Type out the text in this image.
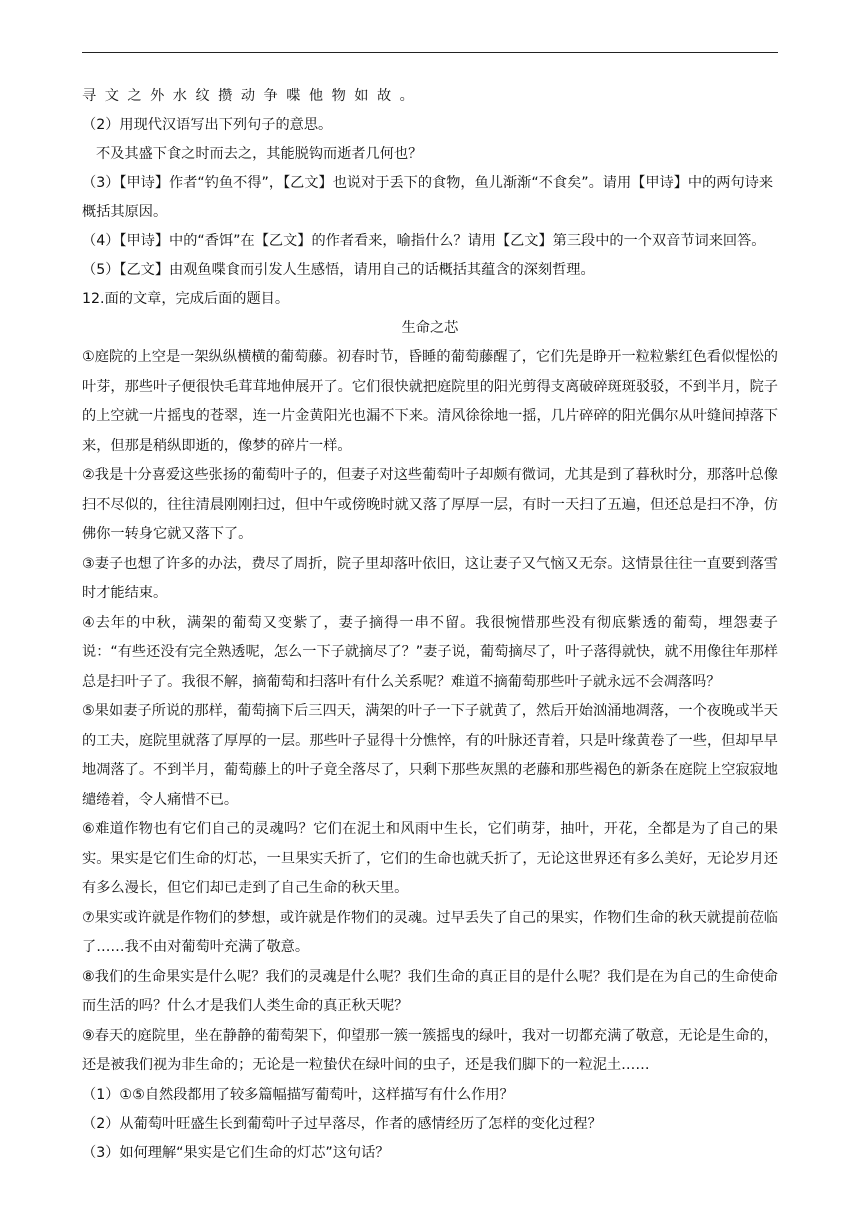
寻文之外水纹攒动争喋他物如故。

（2）用现代汉语写出下列句子的意思。

不及其盛下食之时而去之，其能脱钩而逝者几何也？

（3）【甲诗】作者“钓鱼不得”，【乙文】也说对于丢下的食物，鱼儿渐渐“不食矣”。请用【甲诗】中的两句诗来概括其原因。

（4）【甲诗】中的“香饵”在【乙文】的作者看来，喻指什么？请用【乙文】第三段中的一个双音节词来回答。

（5）【乙文】由观鱼喋食而引发人生感悟，请用自己的话概括其蕴含的深刻哲理。

12.面的文章，完成后面的题目。

生命之芯

①庭院的上空是一架纵纵横横的葡萄藤。初春时节，昏睡的葡萄藤醒了，它们先是睁开一粒粒紫红色看似惺忪的叶芽，那些叶子便很快毛茸茸地伸展开了。它们很快就把庭院里的阳光剪得支离破碎斑斑驳驳，不到半月，院子的上空就一片摇曳的苍翠，连一片金黄阳光也漏不下来。清风徐徐地一摇，几片碎碎的阳光偶尔从叶缝间掉落下来，但那是稍纵即逝的，像梦的碎片一样。

②我是十分喜爱这些张扬的葡萄叶子的，但妻子对这些葡萄叶子却颇有微词，尤其是到了暮秋时分，那落叶总像扫不尽似的，往往清晨刚刚扫过，但中午或傍晚时就又落了厚厚一层，有时一天扫了五遍，但还总是扫不净，仿佛你一转身它就又落下了。

③妻子也想了许多的办法，费尽了周折，院子里却落叶依旧，这让妻子又气恼又无奈。这情景往往一直要到落雪时才能结束。

④去年的中秋，满架的葡萄又变紫了，妻子摘得一串不留。我很惋惜那些没有彻底紫透的葡萄，埋怨妻子说：“有些还没有完全熟透呢，怎么一下子就摘尽了？”妻子说，葡萄摘尽了，叶子落得就快，就不用像往年那样总是扫叶子了。我很不解，摘葡萄和扫落叶有什么关系呢？难道不摘葡萄那些叶子就永远不会凋落吗？

⑤果如妻子所说的那样，葡萄摘下后三四天，满架的叶子一下子就黄了，然后开始汹涌地凋落，一个夜晚或半天的工夫，庭院里就落了厚厚的一层。那些叶子显得十分憔悴，有的叶脉还青着，只是叶缘黄卷了一些，但却早早地凋落了。不到半月，葡萄藤上的叶子竟全落尽了，只剩下那些灰黑的老藤和那些褐色的新条在庭院上空寂寂地缱绻着，令人痛惜不已。

⑥难道作物也有它们自己的灵魂吗？它们在泥土和风雨中生长，它们萌芽，抽叶，开花，全都是为了自己的果实。果实是它们生命的灯芯，一旦果实夭折了，它们的生命也就夭折了，无论这世界还有多么美好，无论岁月还有多么漫长，但它们却已走到了自己生命的秋天里。

⑦果实或许就是作物们的梦想，或许就是作物们的灵魂。过早丢失了自己的果实，作物们生命的秋天就提前莅临了……我不由对葡萄叶充满了敬意。

⑧我们的生命果实是什么呢？我们的灵魂是什么呢？我们生命的真正目的是什么呢？我们是在为自己的生命使命而生活的吗？什么才是我们人类生命的真正秋天呢？

⑨春天的庭院里，坐在静静的葡萄架下，仰望那一簇一簇摇曳的绿叶，我对一切都充满了敬意，无论是生命的，还是被我们视为非生命的；无论是一粒蛰伏在绿叶间的虫子，还是我们脚下的一粒泥土……

（1）①⑤自然段都用了较多篇幅描写葡萄叶，这样描写有什么作用？

（2）从葡萄叶旺盛生长到葡萄叶子过早落尽，作者的感情经历了怎样的变化过程？

（3）如何理解“果实是它们生命的灯芯”这句话？
